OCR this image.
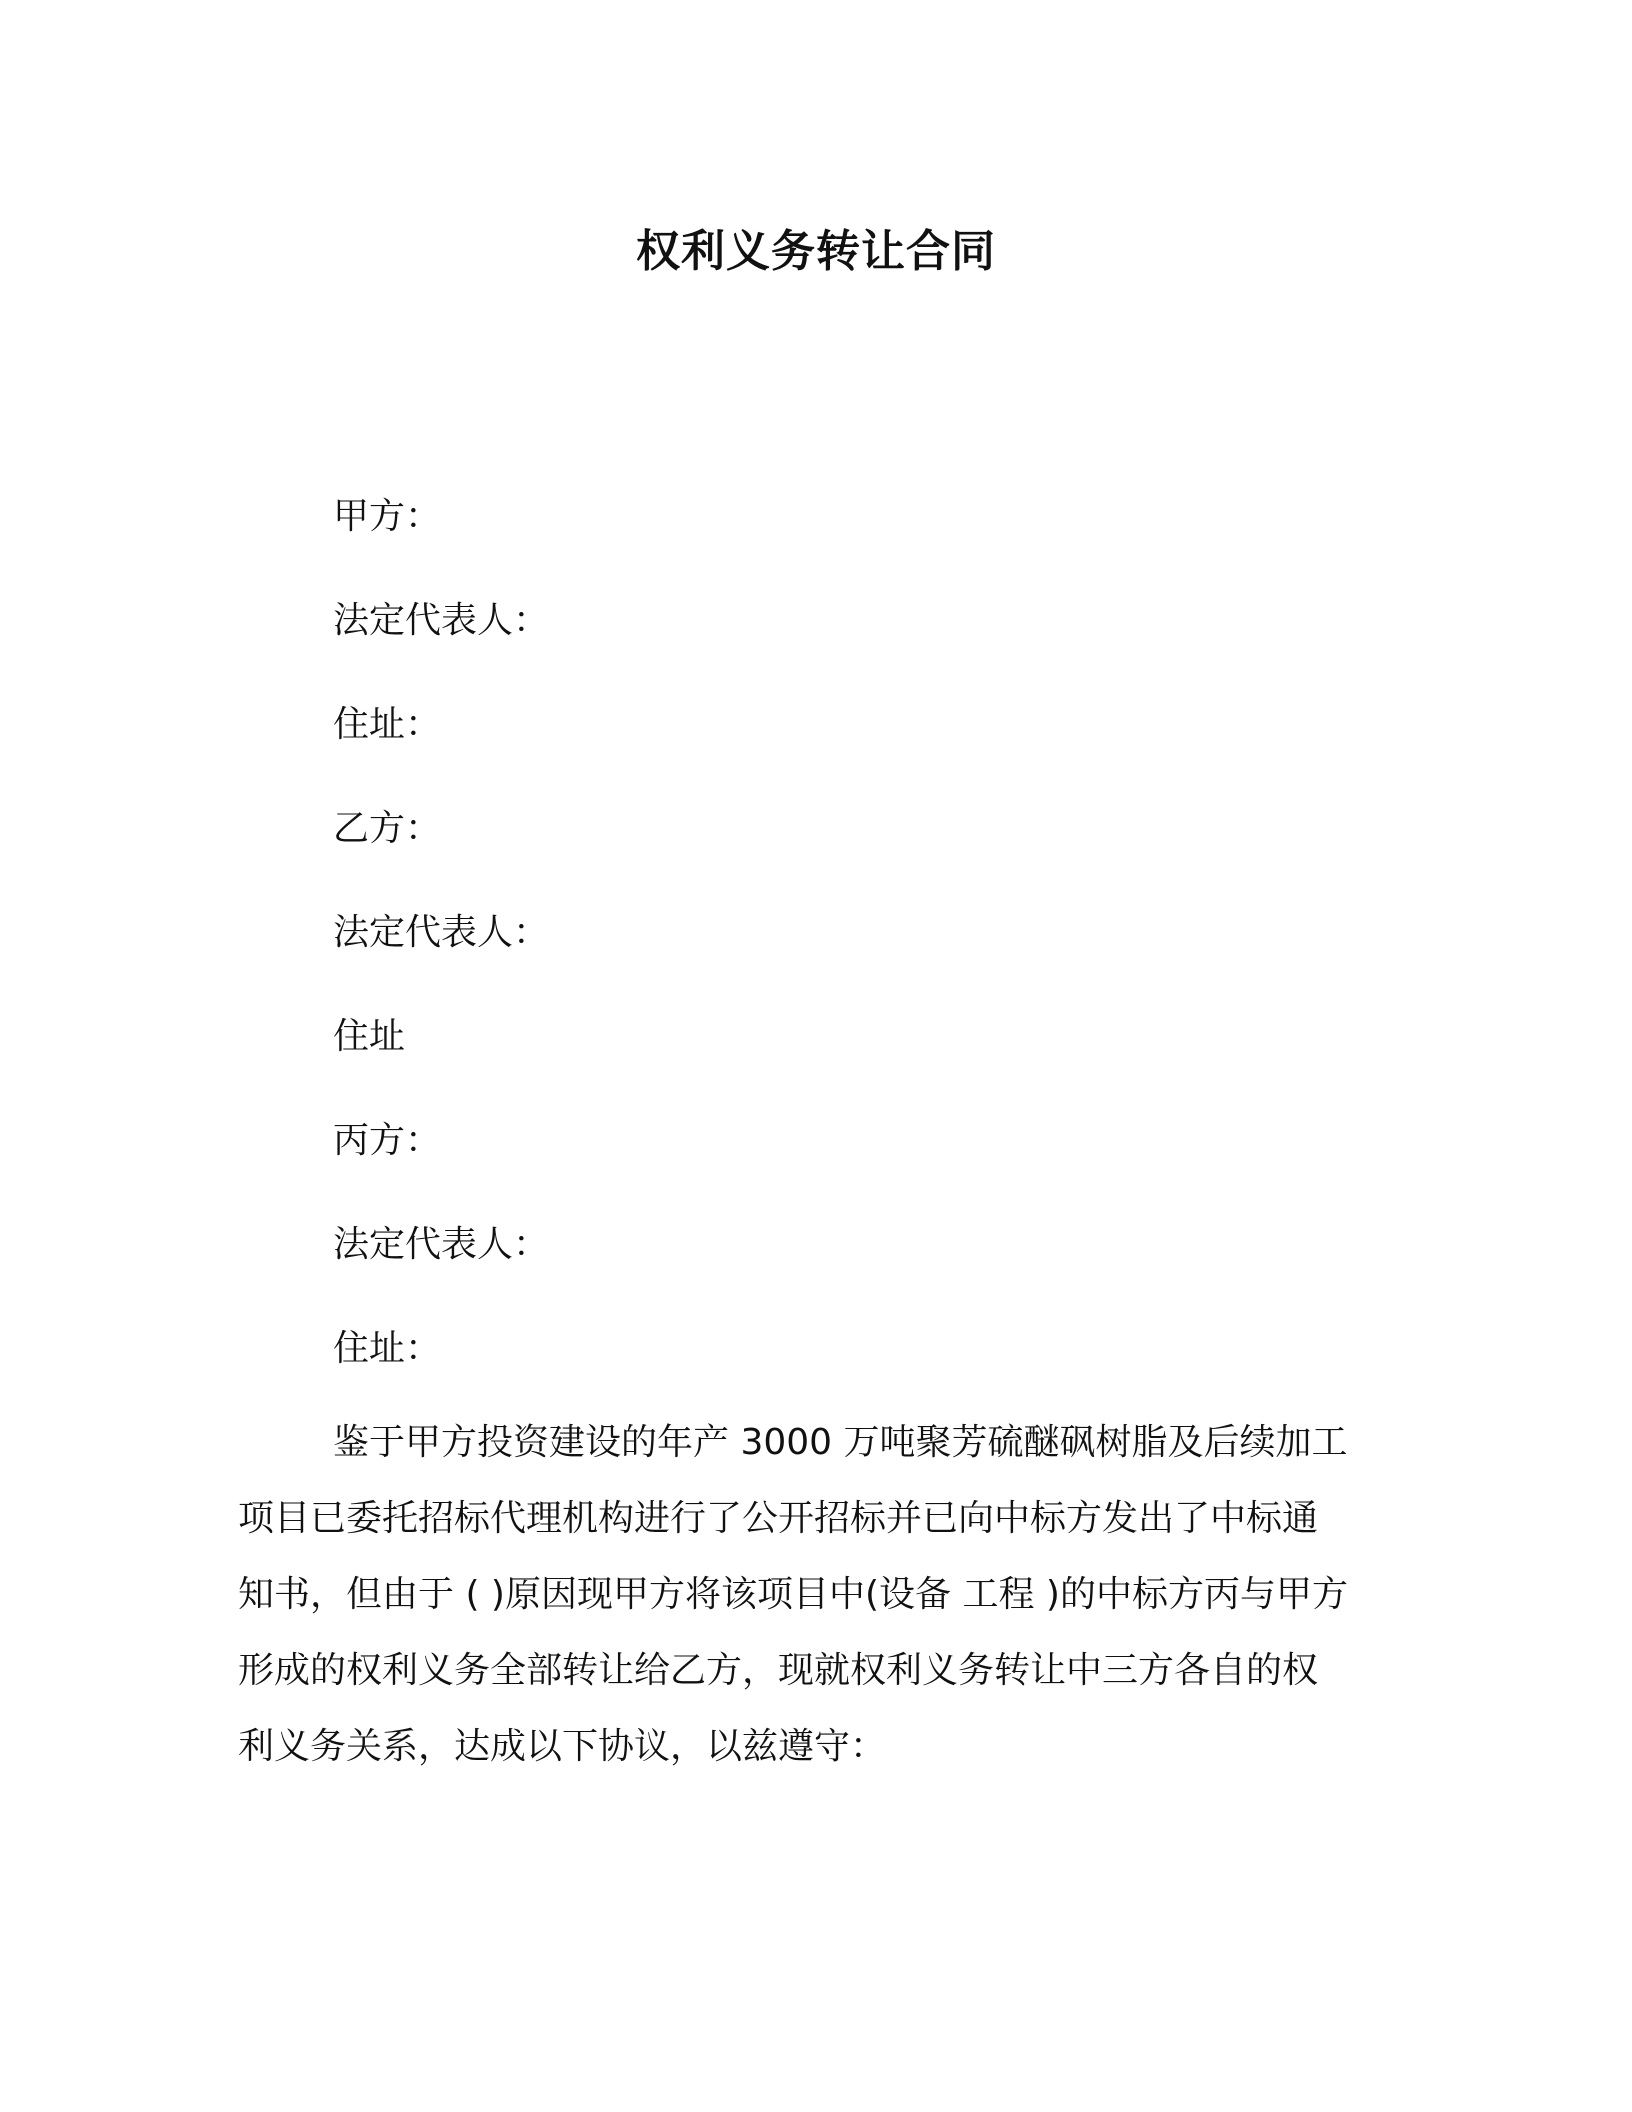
权利义务转让合同
甲方：
法定代表人：
住址：
乙方：
法定代表人：
住址
丙方：
法定代表人：
住址：
鉴于甲方投资建设的年产 3000 万吨聚芳硫醚砜树脂及后续加工
项目已委托招标代理机构进行了公开招标并已向中标方发出了中标通
知书，但由于 ( )原因现甲方将该项目中(设备 工程 )的中标方丙与甲方
形成的权利义务全部转让给乙方，现就权利义务转让中三方各自的权
利义务关系，达成以下协议，以兹遵守：
